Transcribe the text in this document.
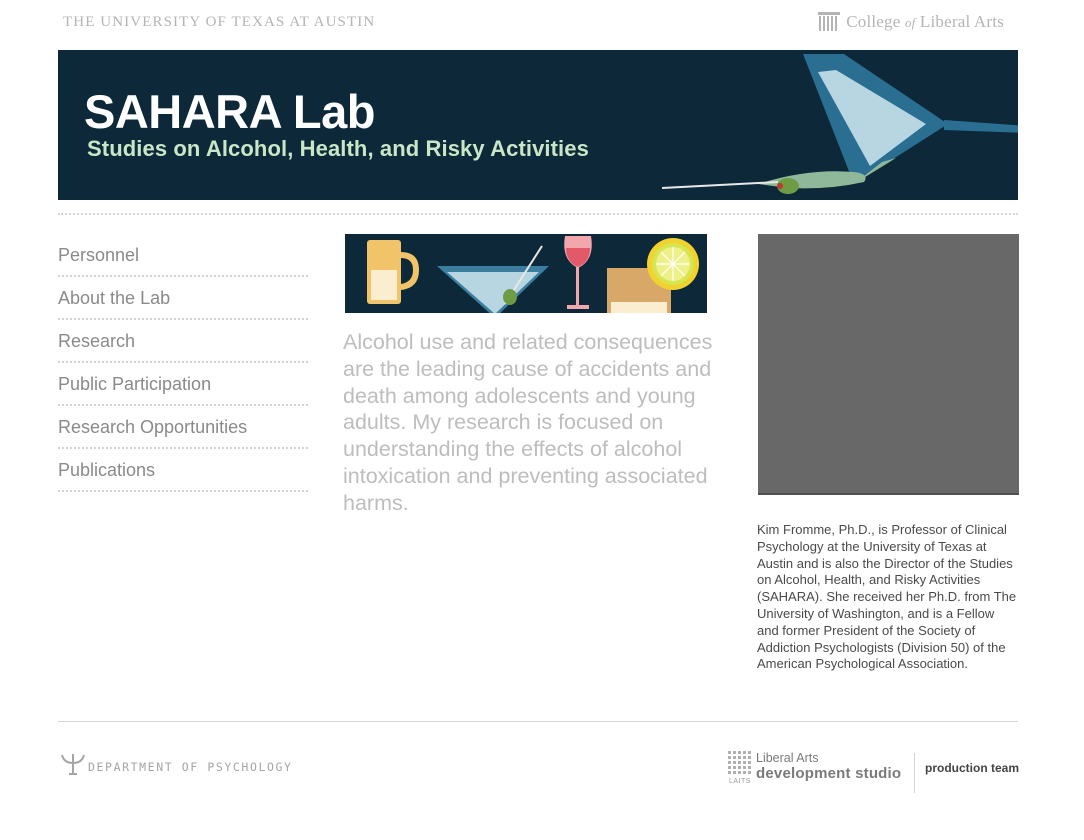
THE UNIVERSITY OF TEXAS AT AUSTIN	College of Liberal Arts
SAHARA Lab
Studies on Alcohol, Health, and Risky Activities
Personnel
About the Lab
Research
Public Participation
Research Opportunities
Publications

Alcohol use and related consequences are the leading cause of accidents and death among adolescents and young adults. My research is focused on understanding the effects of alcohol intoxication and preventing associated harms.

Kim Fromme, Ph.D., is Professor of Clinical Psychology at the University of Texas at Austin and is also the Director of the Studies on Alcohol, Health, and Risky Activities (SAHARA). She received her Ph.D. from The University of Washington, and is a Fellow and former President of the Society of Addiction Psychologists (Division 50) of the American Psychological Association.

DEPARTMENT OF PSYCHOLOGY
LAITS
Liberal Arts
development studio production team
